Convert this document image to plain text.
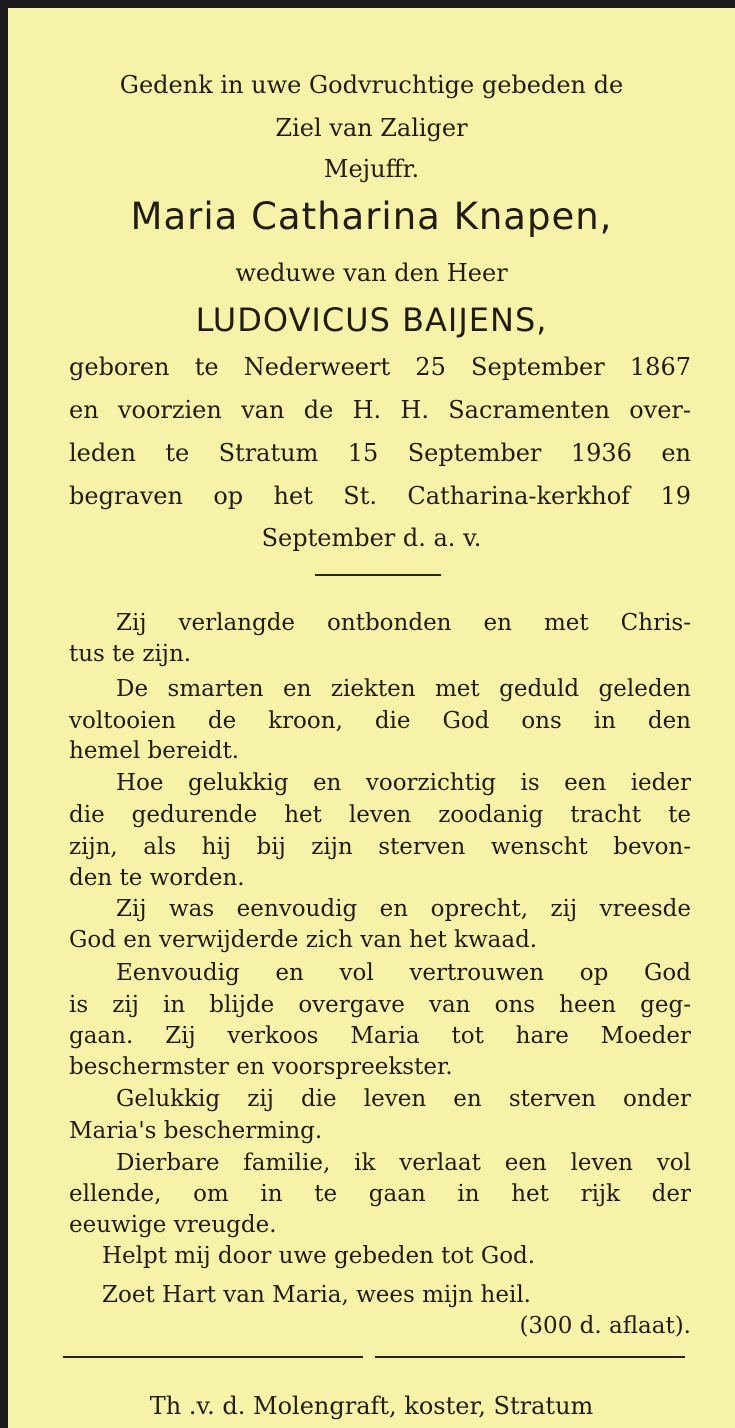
Gedenk in uwe Godvruchtige gebeden de
Ziel van Zaliger
Mejuffr.
Maria Catharina Knapen,
weduwe van den Heer
LUDOVICUS BAIJENS,
geboren te Nederweert 25 September 1867
en voorzien van de H. H. Sacramenten over-
leden te Stratum 15 September 1936 en
begraven op het St. Catharina-kerkhof 19
September d. a. v.
Zij verlangde ontbonden en met Chris-
tus te zijn.
De smarten en ziekten met geduld geleden
voltooien de kroon, die God ons in den
hemel bereidt.
Hoe gelukkig en voorzichtig is een ieder
die gedurende het leven zoodanig tracht te
zijn, als hij bij zijn sterven wenscht bevon-
den te worden.
Zij was eenvoudig en oprecht, zij vreesde
God en verwijderde zich van het kwaad.
Eenvoudig en vol vertrouwen op God
is zij in blijde overgave van ons heen geg-
gaan. Zij verkoos Maria tot hare Moeder
beschermster en voorspreekster.
Gelukkig zij die leven en sterven onder
Maria's bescherming.
Dierbare familie, ik verlaat een leven vol
ellende, om in te gaan in het rijk der
eeuwige vreugde.
Helpt mij door uwe gebeden tot God.
Zoet Hart van Maria, wees mijn heil.
(300 d. aflaat).
Th .v. d. Molengraft, koster, Stratum
